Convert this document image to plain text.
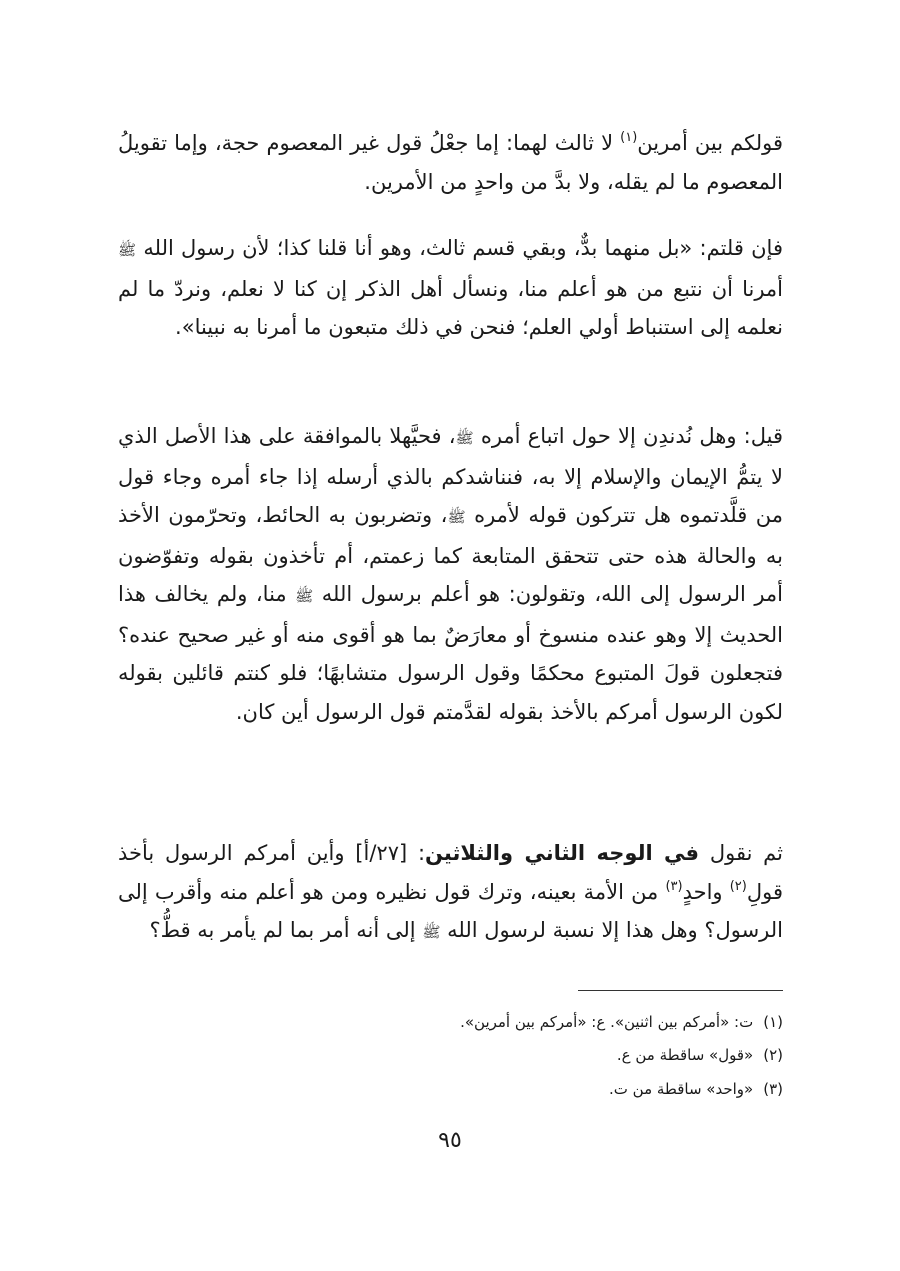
قولكم بين أمرين$^{(١)}$ لا ثالث لهما: إما جعْلُ قول غير المعصوم حجة، وإما تقويلُ المعصوم ما لم يقله، ولا بدَّ من واحدٍ من الأمرين.

فإن قلتم: «بل منهما بدٌّ، وبقي قسم ثالث، وهو أنا قلنا كذا؛ لأن رسول الله ﷺ أمرنا أن نتبع من هو أعلم منا، ونسأل أهل الذكر إن كنا لا نعلم، ونردّ ما لم نعلمه إلى استنباط أولي العلم؛ فنحن في ذلك متبعون ما أمرنا به نبينا».

قيل: وهل نُدندِن إلا حول اتباع أمره ﷺ، فحيَّهلا بالموافقة على هذا الأصل الذي لا يتمُّ الإيمان والإسلام إلا به، فنناشدكم بالذي أرسله إذا جاء أمره وجاء قول من قلَّدتموه هل تتركون قوله لأمره ﷺ، وتضربون به الحائط، وتحرّمون الأخذ به والحالة هذه حتى تتحقق المتابعة كما زعمتم، أم تأخذون بقوله وتفوّضون أمر الرسول إلى الله، وتقولون: هو أعلم برسول الله ﷺ منا، ولم يخالف هذا الحديث إلا وهو عنده منسوخ أو معارَضٌ بما هو أقوى منه أو غير صحيح عنده؟ فتجعلون قولَ المتبوع محكمًا وقول الرسول متشابهًا؛ فلو كنتم قائلين بقوله لكون الرسول أمركم بالأخذ بقوله لقدَّمتم قول الرسول أين كان.

ثم نقول في الوجه الثاني والثلاثين: [٢٧/أ] وأين أمركم الرسول بأخذ قولِ$^{(٢)}$ واحدٍ$^{(٣)}$ من الأمة بعينه، وترك قول نظيره ومن هو أعلم منه وأقرب إلى الرسول؟ وهل هذا إلا نسبة لرسول الله ﷺ إلى أنه أمر بما لم يأمر به قطُّ؟

(١)ت: «أمركم بين اثنين». ع: «أمركم بين أمرين».
(٢)«قول» ساقطة من ع.
(٣)«واحد» ساقطة من ت.
٩٥
